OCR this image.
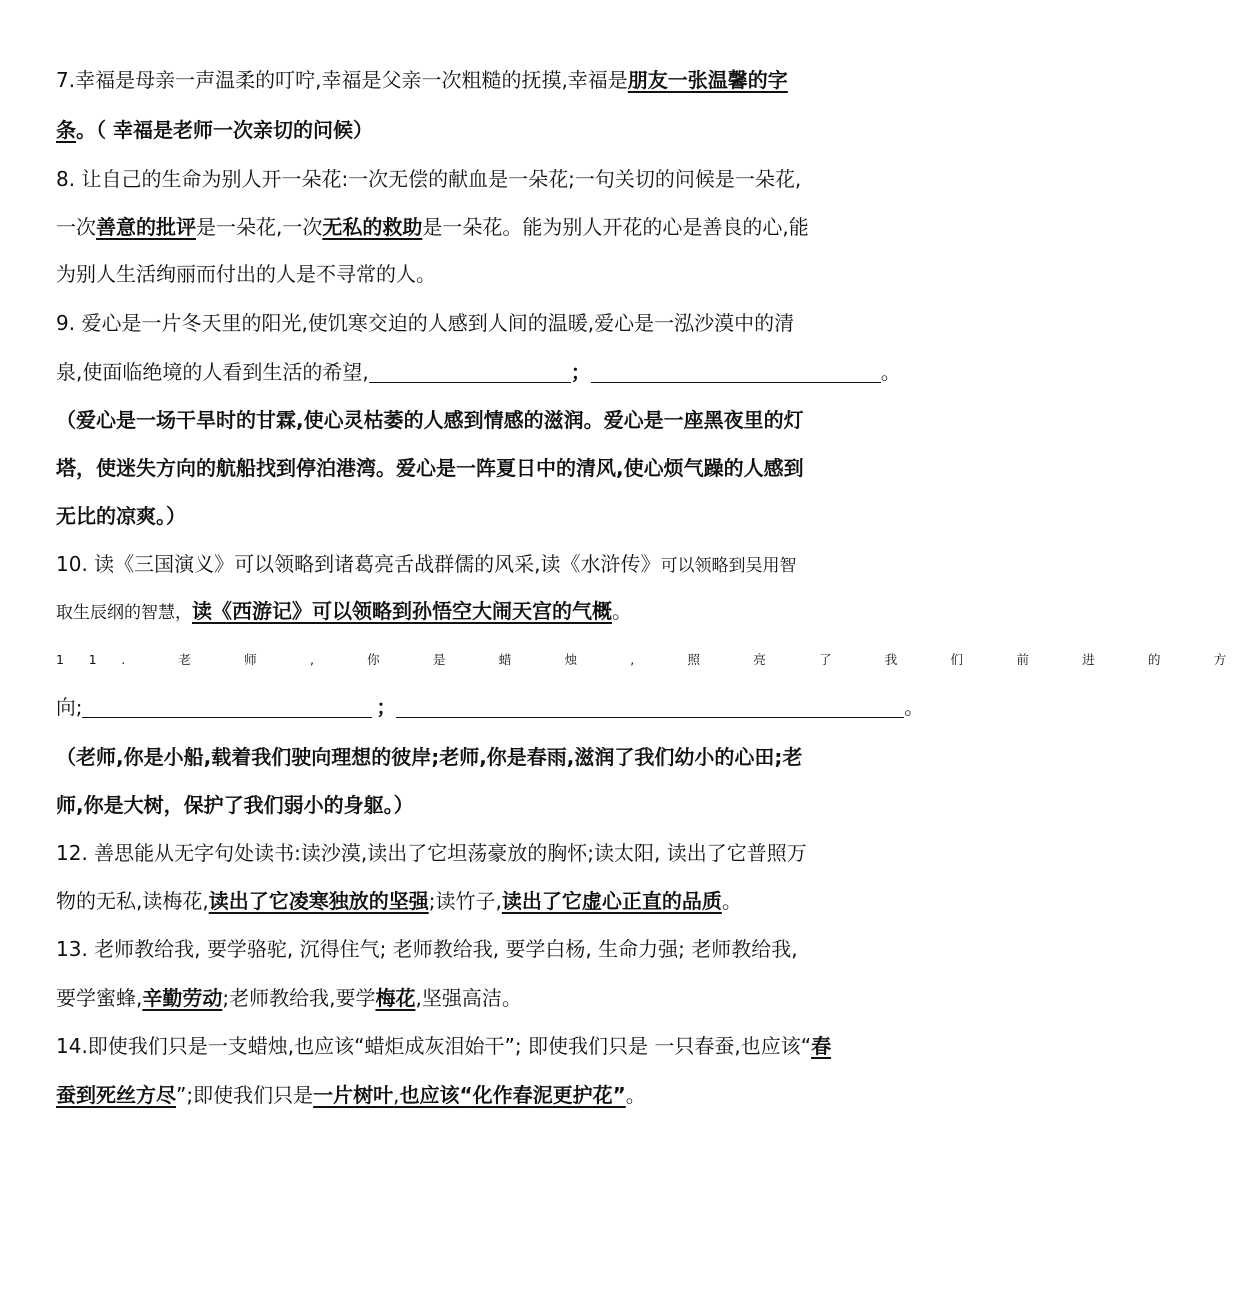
7.幸福是母亲一声温柔的叮咛,幸福是父亲一次粗糙的抚摸,幸福是朋友一张温馨的字
条。（ 幸福是老师一次亲切的问候）
8. 让自己的生命为别人开一朵花:一次无偿的献血是一朵花;一句关切的问候是一朵花,
一次善意的批评是一朵花,一次无私的救助是一朵花。能为别人开花的心是善良的心,能
为别人生活绚丽而付出的人是不寻常的人。
9. 爱心是一片冬天里的阳光,使饥寒交迫的人感到人间的温暖,爱心是一泓沙漠中的清
泉,使面临绝境的人看到生活的希望,	；	。
（爱心是一场干旱时的甘霖,使心灵枯萎的人感到情感的滋润。爱心是一座黑夜里的灯
塔，使迷失方向的航船找到停泊港湾。爱心是一阵夏日中的清风,使心烦气躁的人感到
无比的凉爽。）
10. 读《三国演义》可以领略到诸葛亮舌战群儒的风采,读《水浒传》可以领略到吴用智
取生辰纲的智慧，读《西游记》可以领略到孙悟空大闹天宫的气概。
11. 老 师 , 你 是 蜡 烛 , 照 亮 了 我 们 前 进 的 方
向;	；	。
（老师,你是小船,载着我们驶向理想的彼岸;老师,你是春雨,滋润了我们幼小的心田;老
师,你是大树，保护了我们弱小的身躯。）
12. 善思能从无字句处读书:读沙漠,读出了它坦荡豪放的胸怀;读太阳, 读出了它普照万
物的无私,读梅花,读出了它凌寒独放的坚强;读竹子,读出了它虚心正直的品质。
13. 老师教给我, 要学骆驼, 沉得住气; 老师教给我, 要学白杨, 生命力强; 老师教给我,
要学蜜蜂,辛勤劳动;老师教给我,要学梅花,坚强高洁。
14.即使我们只是一支蜡烛,也应该“蜡炬成灰泪始干”; 即使我们只是 一只春蚕,也应该“春
蚕到死丝方尽”;即使我们只是一片树叶,也应该“化作春泥更护花”。
